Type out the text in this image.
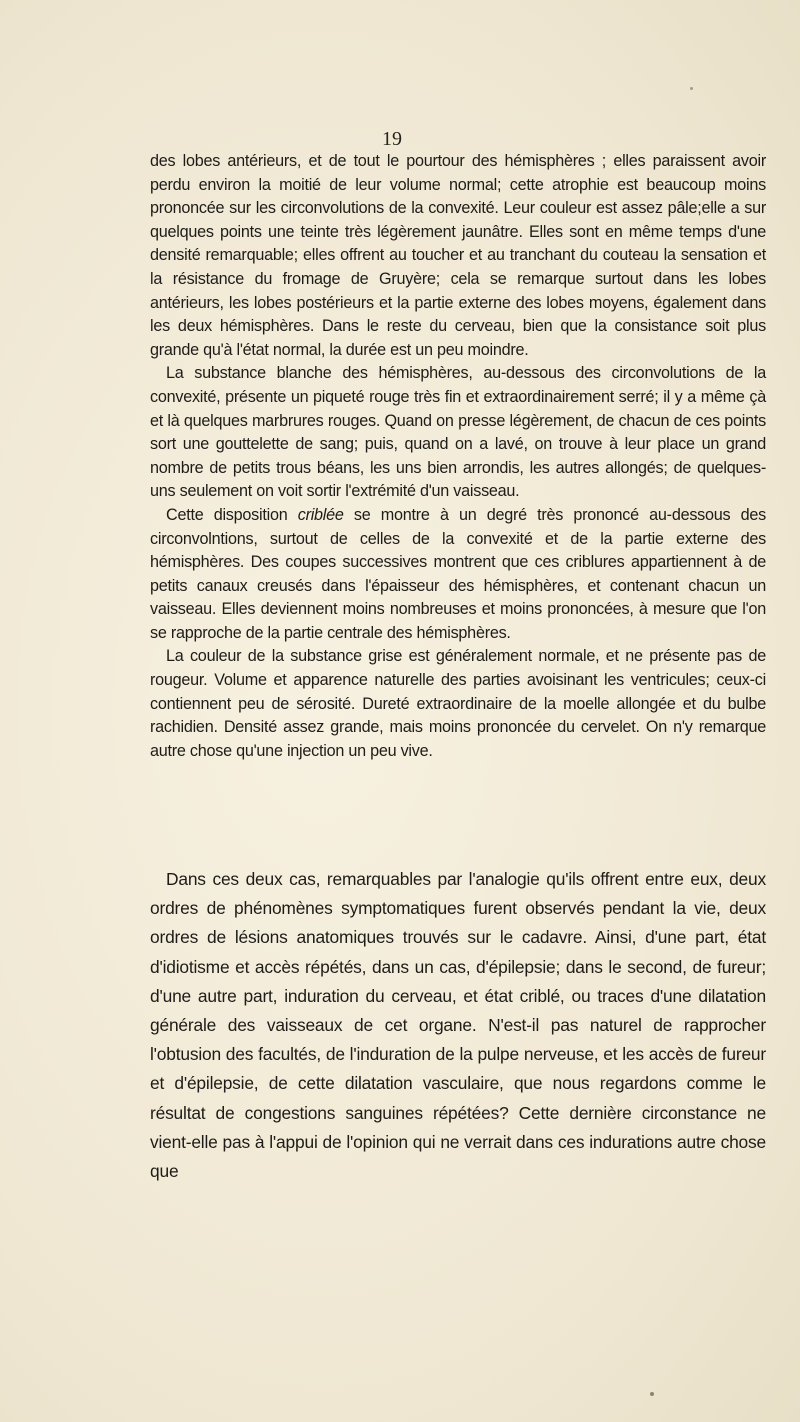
19

des lobes antérieurs, et de tout le pourtour des hémisphères ; elles paraissent avoir perdu environ la moitié de leur volume normal; cette atrophie est beaucoup moins prononcée sur les circonvolutions de la convexité. Leur couleur est assez pâle;elle a sur quelques points une teinte très légèrement jaunâtre. Elles sont en même temps d'une densité remarquable; elles offrent au toucher et au tranchant du couteau la sensation et la résistance du fromage de Gruyère; cela se remarque surtout dans les lobes antérieurs, les lobes postérieurs et la partie externe des lobes moyens, également dans les deux hémisphères. Dans le reste du cerveau, bien que la consistance soit plus grande qu'à l'état normal, la durée est un peu moindre.

La substance blanche des hémisphères, au-dessous des circonvolutions de la convexité, présente un piqueté rouge très fin et extraordinairement serré; il y a même çà et là quelques marbrures rouges. Quand on presse légèrement, de chacun de ces points sort une gouttelette de sang; puis, quand on a lavé, on trouve à leur place un grand nombre de petits trous béans, les uns bien arrondis, les autres allongés; de quelques-uns seulement on voit sortir l'extrémité d'un vaisseau.

Cette disposition criblée se montre à un degré très prononcé au-dessous des circonvolntions, surtout de celles de la convexité et de la partie externe des hémisphères. Des coupes successives montrent que ces criblures appartiennent à de petits canaux creusés dans l'épaisseur des hémisphères, et contenant chacun un vaisseau. Elles deviennent moins nombreuses et moins prononcées, à mesure que l'on se rapproche de la partie centrale des hémisphères.

La couleur de la substance grise est généralement normale, et ne présente pas de rougeur. Volume et apparence naturelle des parties avoisinant les ventricules; ceux-ci contiennent peu de sérosité. Dureté extraordinaire de la moelle allongée et du bulbe rachidien. Densité assez grande, mais moins prononcée du cervelet. On n'y remarque autre chose qu'une injection un peu vive.

Dans ces deux cas, remarquables par l'analogie qu'ils offrent entre eux, deux ordres de phénomènes symptomatiques furent observés pendant la vie, deux ordres de lésions anatomiques trouvés sur le cadavre. Ainsi, d'une part, état d'idiotisme et accès répétés, dans un cas, d'épilepsie; dans le second, de fureur; d'une autre part, induration du cerveau, et état criblé, ou traces d'une dilatation générale des vaisseaux de cet organe. N'est-il pas naturel de rapprocher l'obtusion des facultés, de l'induration de la pulpe nerveuse, et les accès de fureur et d'épilepsie, de cette dilatation vasculaire, que nous regardons comme le résultat de congestions sanguines répétées? Cette dernière circonstance ne vient-elle pas à l'appui de l'opinion qui ne verrait dans ces indurations autre chose que
